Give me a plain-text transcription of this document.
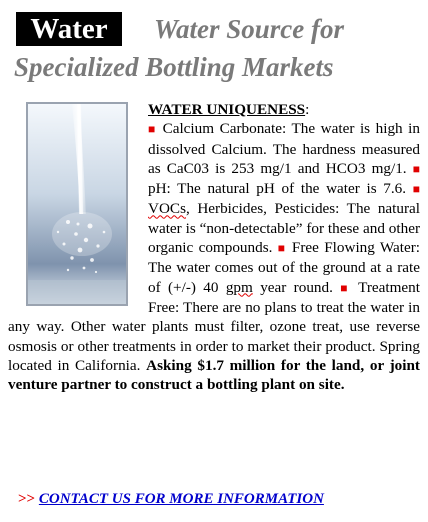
Water	Water Source for
Specialized Bottling Markets
WATER UNIQUENESS:
■ Calcium Carbonate: The water is high in dissolved Calcium. The hardness measured as CaC03 is 253 mg/1 and HCO3 mg/1. ■ pH: The natural pH of the water is 7.6. ■ VOCs, Herbicides, Pesticides: The natural water is “non-detectable” for these and other organic compounds. ■ Free Flowing Water: The water comes out of the ground at a rate of (+/-) 40 gpm year round. ■ Treatment Free: There are no plans to treat the water in any way. Other water plants must filter, ozone treat, use reverse osmosis or other treatments in order to market their product. Spring located in California. Asking $1.7 million for the land, or joint venture partner to construct a bottling plant on site.
>> CONTACT US FOR MORE INFORMATION
